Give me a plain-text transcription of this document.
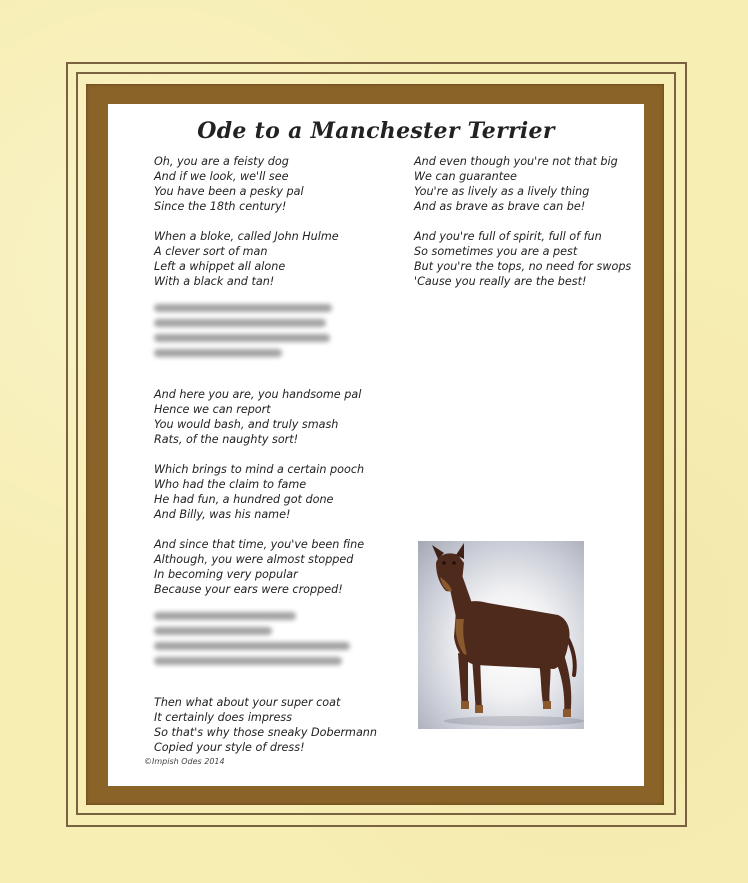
Ode to a Manchester Terrier
Oh, you are a feisty dog
And if we look, we'll see
You have been a pesky pal
Since the 18th century!
When a bloke, called John Hulme
A clever sort of man
Left a whippet all alone
With a black and tan!
And here you are, you handsome pal
Hence we can report
You would bash, and truly smash
Rats, of the naughty sort!
Which brings to mind a certain pooch
Who had the claim to fame
He had fun, a hundred got done
And Billy, was his name!
And since that time, you've been fine
Although, you were almost stopped
In becoming very popular
Because your ears were cropped!
Then what about your super coat
It certainly does impress
So that's why those sneaky Dobermann
Copied your style of dress!
And even though you're not that big
We can guarantee
You're as lively as a lively thing
And as brave as brave can be!
And you're full of spirit, full of fun
So sometimes you are a pest
But you're the tops, no need for swops
'Cause you really are the best!
©Impish Odes 2014
